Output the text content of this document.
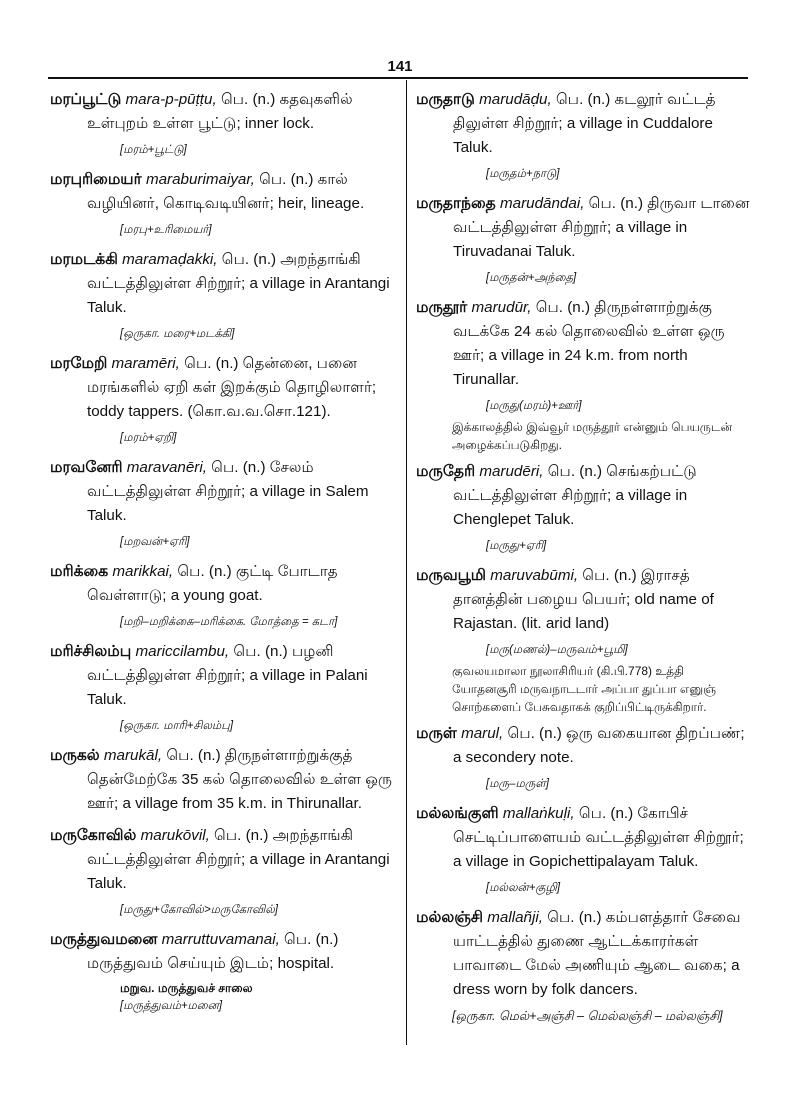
141
மரப்பூட்டு mara-p-pūṭṭu, பெ. (n.) கதவுகளில் உள்புறம் உள்ள பூட்டு; inner lock.
[மரம்+பூட்டு]
மரபுரிமையர் maraburimaiyar, பெ. (n.) கால் வழியினர், கொடிவடியினர்; heir, lineage.
[மரபு+உரிமையர்]
மரமடக்கி maramaḍakki, பெ. (n.) அறந்தாங்கி வட்டத்திலுள்ள சிற்றூர்; a village in Arantangi Taluk.
[ஒருகா. மரை+மடக்கி]
மரமேறி maramēri, பெ. (n.) தென்னை, பனை மரங்களில் ஏறி கள் இறக்கும் தொழிலாளர்; toddy tappers. (கொ.வ.வ.சொ.121).
[மரம்+ஏறி]
மரவனேரி maravanēri, பெ. (n.) சேலம் வட்டத்திலுள்ள சிற்றூர்; a village in Salem Taluk.
[மறவன்+ஏரி]
மரிக்கை marikkai, பெ. (n.) குட்டி போடாத வெள்ளாடு; a young goat.
[மறி–மறிக்கை–மரிக்கை. மோத்தை = கடா]
மரிச்சிலம்பு mariccilambu, பெ. (n.) பழனி வட்டத்திலுள்ள சிற்றூர்; a village in Palani Taluk.
[ஒருகா. மாரி+சிலம்பு]
மருகல் marukāl, பெ. (n.) திருநள்ளாற்றுக்குத் தென்மேற்கே 35 கல் தொலைவில் உள்ள ஒரு ஊர்; a village from 35 k.m. in Thirunallar.
மருகோவில் marukōvil, பெ. (n.) அறந்தாங்கி வட்டத்திலுள்ள சிற்றூர்; a village in Arantangi Taluk.
[மருது+கோவில்>மருகோவில்]
மருத்துவமனை marruttuvamanai, பெ. (n.) மருத்துவம் செய்யும் இடம்; hospital.
மறுவ. மருத்துவச் சாலை
[மருத்துவம்+மனை]
மருதாடு marudāḍu, பெ. (n.) கடலூர் வட்டத் திலுள்ள சிற்றூர்; a village in Cuddalore Taluk.
[மருதம்+நாடு]
மருதாந்தை marudāndai, பெ. (n.) திருவா டானை வட்டத்திலுள்ள சிற்றூர்; a village in Tiruvadanai Taluk.
[மருதன்+அந்தை]
மருதூர் marudūr, பெ. (n.) திருநள்ளாற்றுக்கு வடக்கே 24 கல் தொலைவில் உள்ள ஒரு ஊர்; a village in 24 k.m. from north Tirunallar.
[மருது(மரம்)+ஊர்]
இக்காலத்தில் இவ்வூர் மருத்தூர் என்னும் பெயருடன் அழைக்கப்படுகிறது.
மருதேரி marudēri, பெ. (n.) செங்கற்பட்டு வட்டத்திலுள்ள சிற்றூர்; a village in Chenglepet Taluk.
[மருது+ஏரி]
மருவபூமி maruvabūmi, பெ. (n.) இராசத் தானத்தின் பழைய பெயர்; old name of Rajastan. (lit. arid land)
[மரு(மணல்)–மருவம்+பூமி]
குவலயமாலா நூலாசிரியர் (கி.பி.778) உத்தி யோதனசூரி மருவநாடடார் அப்பா துப்பா எனுஞ் சொற்களைப் பேசுவதாகக் குறிப்பிட்டிருக்கிறார்.
மருள் marul, பெ. (n.) ஒரு வகையான திறப்பண்; a secondery note.
[மரு–மருள்]
மல்லங்குளி mallaṅkuḷi, பெ. (n.) கோபிச் செட்டிப்பாளையம் வட்டத்திலுள்ள சிற்றூர்; a village in Gopichettipalayam Taluk.
[மல்லன்+குழி]
மல்லஞ்சி mallañji, பெ. (n.) கம்பளத்தார் சேவை யாட்டத்தில் துணை ஆட்டக்காரர்கள் பாவாடை மேல் அணியும் ஆடை வகை; a dress worn by folk dancers.
[ஒருகா. மெல்+அஞ்சி – மெல்லஞ்சி – மல்லஞ்சி]
